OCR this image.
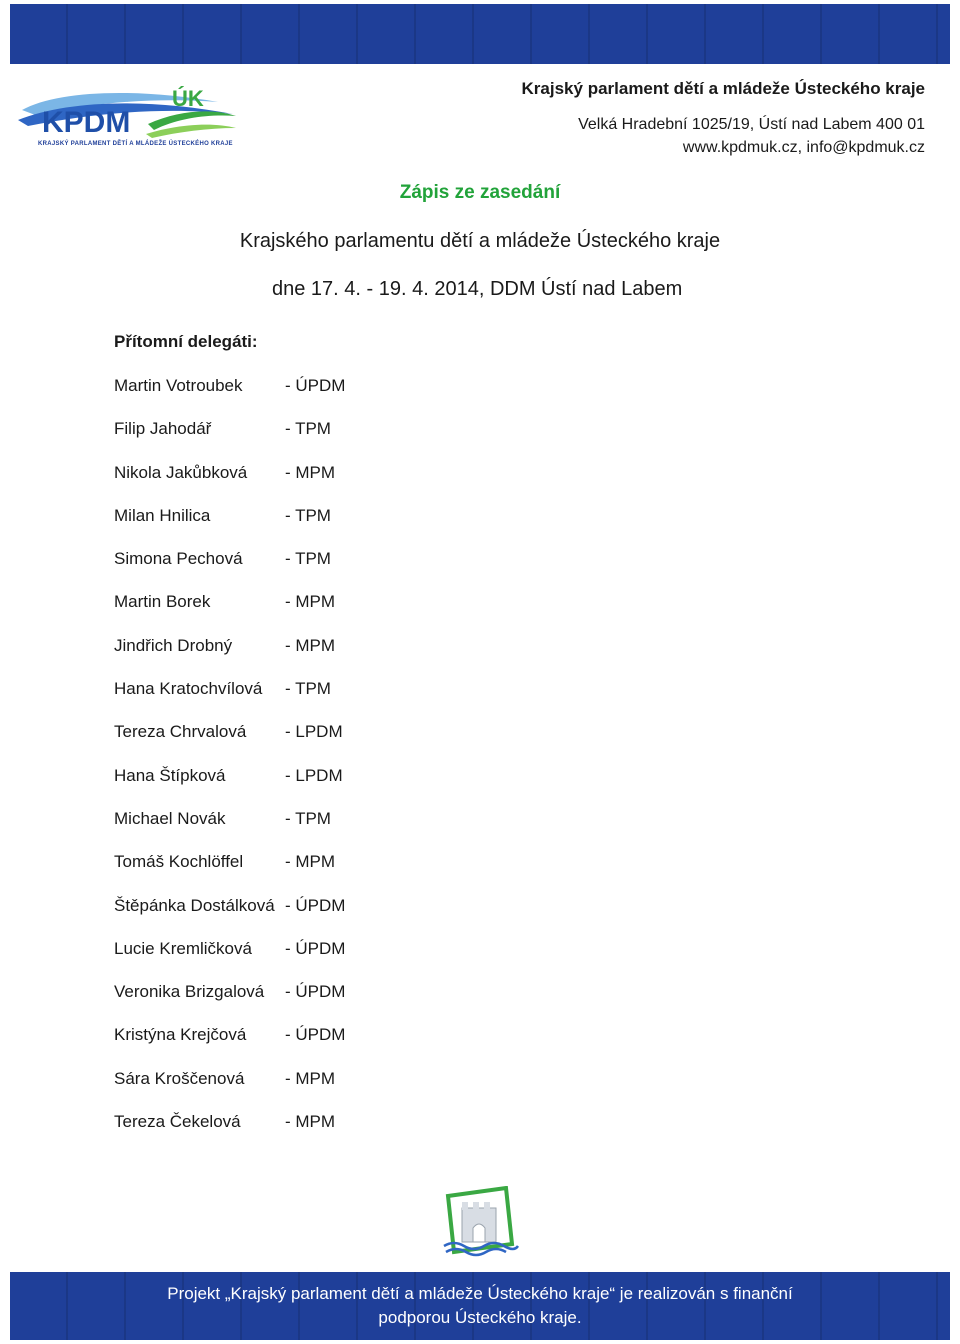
KPDM
ÚK
KRAJSKÝ PARLAMENT DĚTÍ A MLÁDEŽE ÚSTECKÉHO KRAJE
Krajský parlament dětí a mládeže Ústeckého kraje
Velká Hradební 1025/19, Ústí nad Labem 400 01
www.kpdmuk.cz, info@kpdmuk.cz
Zápis ze zasedání
Krajského parlamentu dětí a mládeže Ústeckého kraje
dne 17. 4. - 19. 4. 2014, DDM Ústí nad Labem
Přítomní delegáti:
Martin Votroubek	- ÚPDM
Filip Jahodář	- TPM
Nikola Jakůbková	- MPM
Milan Hnilica	- TPM
Simona Pechová	- TPM
Martin Borek	- MPM
Jindřich Drobný	- MPM
Hana Kratochvílová	- TPM
Tereza Chrvalová	- LPDM
Hana Štípková	- LPDM
Michael Novák	- TPM
Tomáš Kochlöffel	- MPM
Štěpánka Dostálková - ÚPDM
Lucie Kremličková	- ÚPDM
Veronika Brizgalová	- ÚPDM
Kristýna Krejčová	- ÚPDM
Sára Kroščenová	- MPM
Tereza Čekelová	- MPM
Projekt „Krajský parlament dětí a mládeže Ústeckého kraje“ je realizován s finanční
podporou Ústeckého kraje.
